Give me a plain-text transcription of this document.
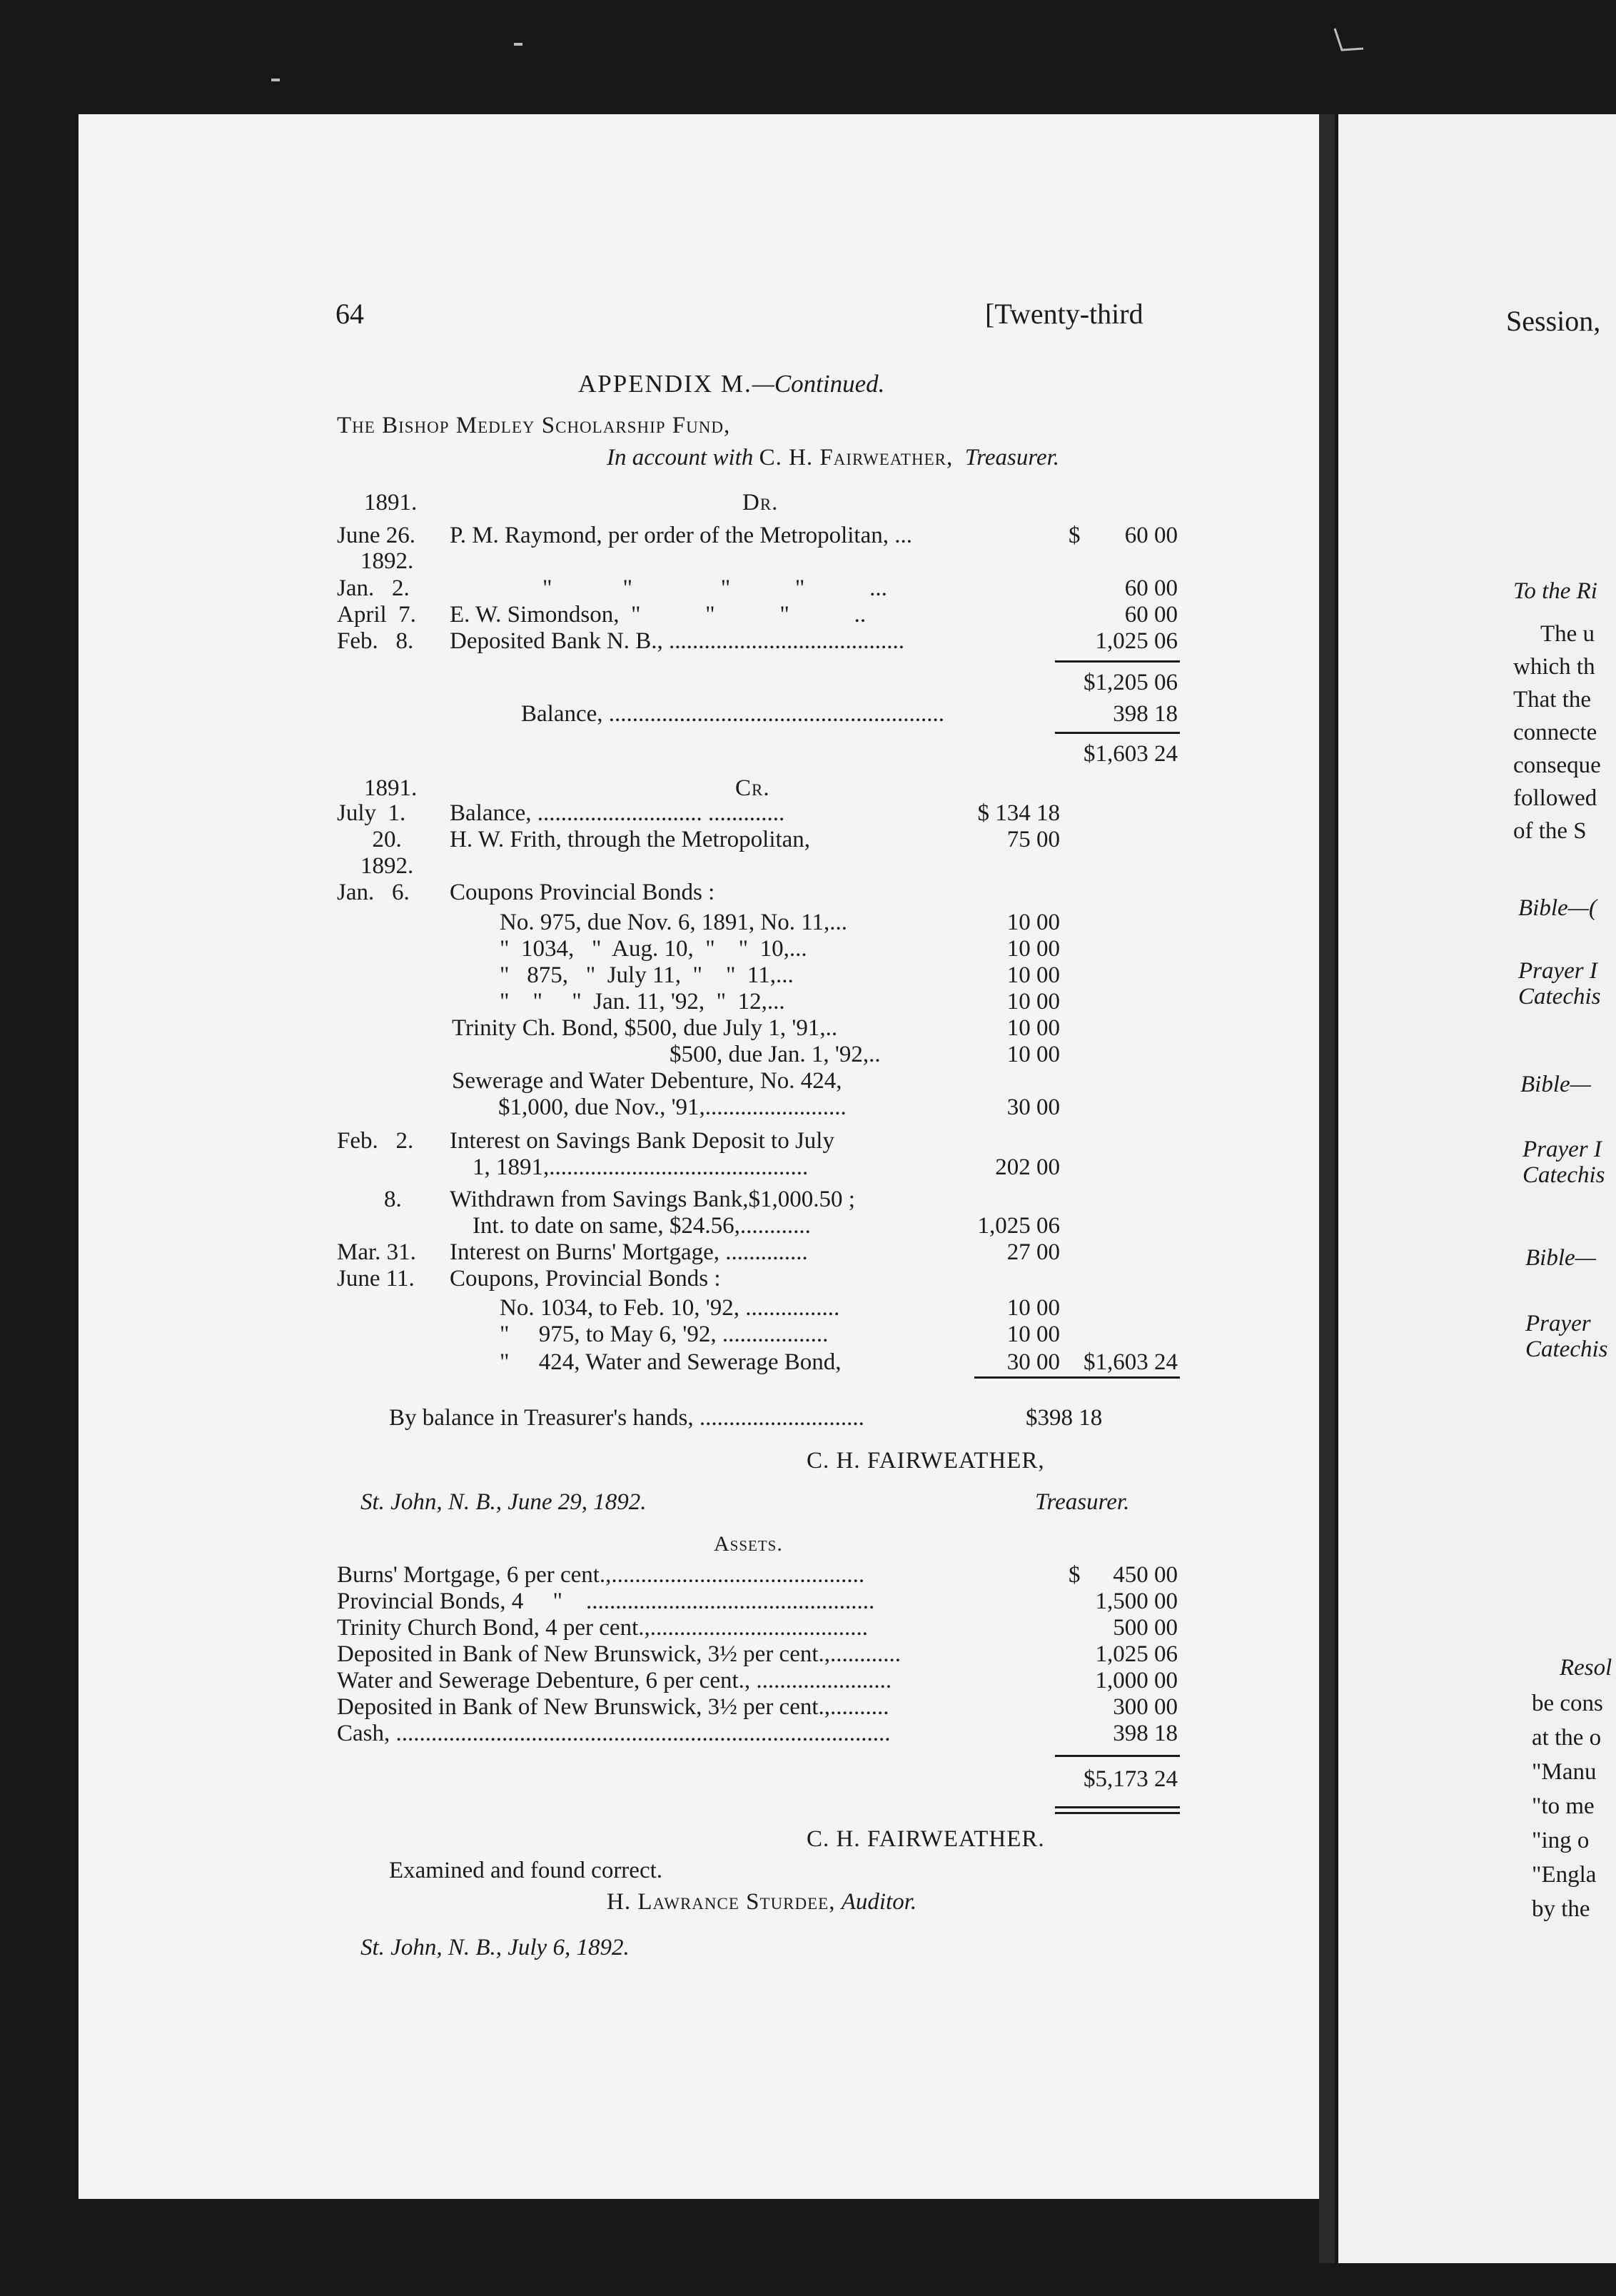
64	[Twenty-third	Session,
APPENDIX M.—Continued.
The Bishop Medley Scholarship Fund,
In account with C. H. Fairweather, Treasurer.
1891.	Dr.
June 26. P. M. Raymond, per order of the Metropolitan, ...	$	60 00
1892.
Jan.   2.	"            "               "           "           ...	60 00
April  7. E. W. Simondson,  "           "           "           ..	60 00
Feb.   8. Deposited Bank N. B., ........................................	1,025 06
$1,205 06
Balance, .........................................................	398 18
$1,603 24
1891.	Cr.
July  1. Balance, ............................ .............	$ 134 18
20. H. W. Frith, through the Metropolitan,	75 00
1892.
Jan.   6. Coupons Provincial Bonds :
No. 975, due Nov. 6, 1891, No. 11,...	10 00
"  1034,   "  Aug. 10,  "    "  10,...	10 00
"   875,   "  July 11,  "    "  11,...	10 00
"    "     "  Jan. 11, '92,  "  12,...	10 00
Trinity Ch. Bond, $500, due July 1, '91,..	10 00
$500, due Jan. 1, '92,..	10 00
Sewerage and Water Debenture, No. 424,
$1,000, due Nov., '91,........................	30 00
Feb.   2. Interest on Savings Bank Deposit to July
1, 1891,............................................	202 00
8. Withdrawn from Savings Bank,$1,000.50 ;
Int. to date on same, $24.56,............	1,025 06
Mar. 31. Interest on Burns' Mortgage, ..............	27 00
June 11. Coupons, Provincial Bonds :
No. 1034, to Feb. 10, '92, ................	10 00
"     975, to May 6, '92, ..................	10 00
"     424, Water and Sewerage Bond,	30 00	$1,603 24
By balance in Treasurer's hands, ............................	$398 18
C. H. FAIRWEATHER,
St. John, N. B., June 29, 1892.	Treasurer.
Assets.
Burns' Mortgage, 6 per cent.,...........................................	$	450 00
Provincial Bonds, 4     "    .................................................	1,500 00
Trinity Church Bond, 4 per cent.,.....................................	500 00
Deposited in Bank of New Brunswick, 3½ per cent.,............	1,025 06
Water and Sewerage Debenture, 6 per cent., .......................	1,000 00
Deposited in Bank of New Brunswick, 3½ per cent.,..........	300 00
Cash, ....................................................................................	398 18
$5,173 24
C. H. FAIRWEATHER.
Examined and found correct.
H. Lawrance Sturdee, Auditor.
St. John, N. B., July 6, 1892.
To the Ri
The u
which th
That the
connecte
conseque
followed
of the S
Bible—(
Prayer I
Catechis
Bible—
Prayer I
Catechis
Bible—
Prayer
Catechis
Resol
be cons
at the o
"Manu
"to me
"ing o
"Engla
by the
